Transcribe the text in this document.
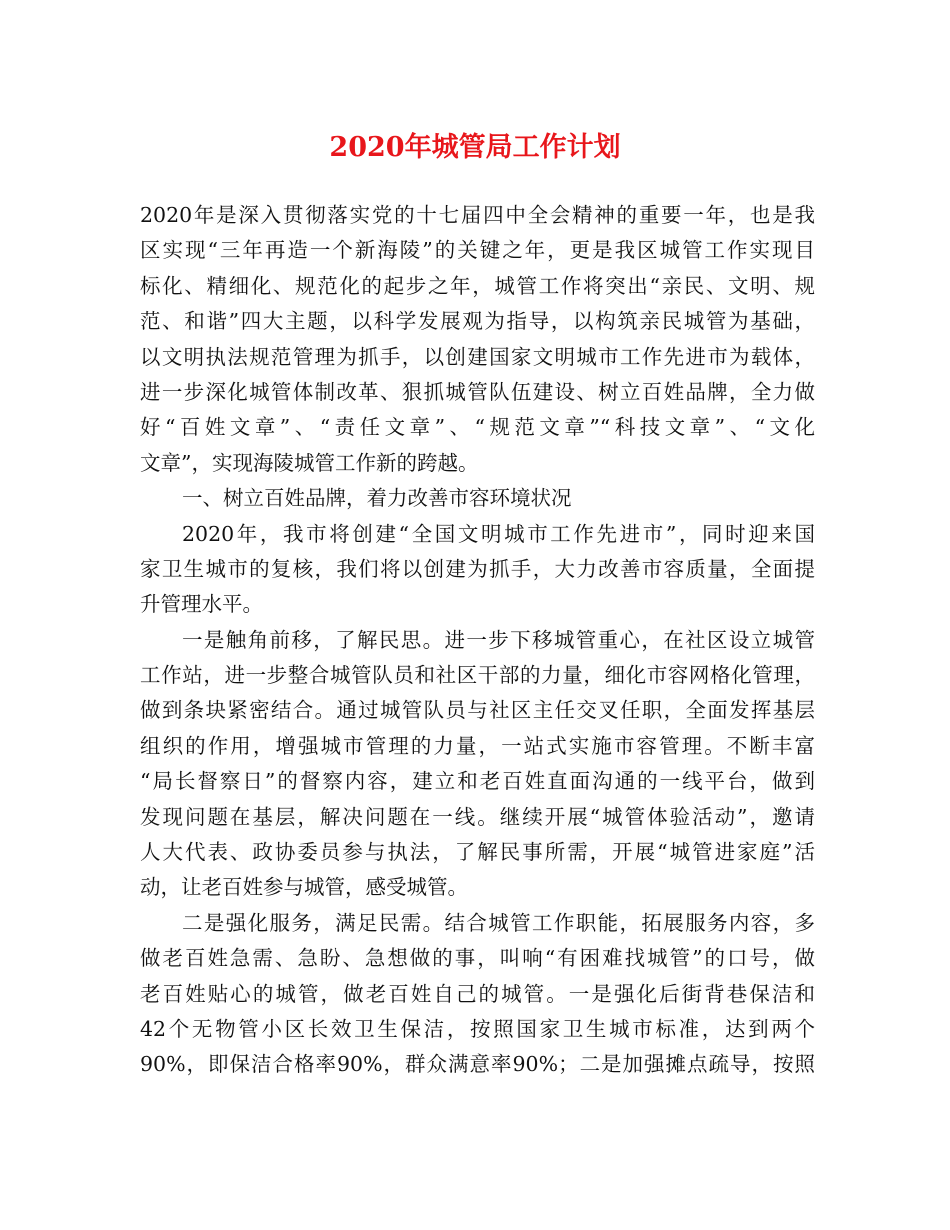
2020年城管局工作计划
2020年是深入贯彻落实党的十七届四中全会精神的重要一年，也是我
区实现“三年再造一个新海陵”的关键之年，更是我区城管工作实现目
标化、精细化、规范化的起步之年，城管工作将突出“亲民、文明、规
范、和谐”四大主题，以科学发展观为指导，以构筑亲民城管为基础，
以文明执法规范管理为抓手，以创建国家文明城市工作先进市为载体，
进一步深化城管体制改革、狠抓城管队伍建设、树立百姓品牌，全力做
好“百姓文章”、“责任文章”、“规范文章”“科技文章”、“文化
文章”，实现海陵城管工作新的跨越。
一、树立百姓品牌，着力改善市容环境状况
2020年，我市将创建“全国文明城市工作先进市”，同时迎来国
家卫生城市的复核，我们将以创建为抓手，大力改善市容质量，全面提
升管理水平。
一是触角前移，了解民思。进一步下移城管重心，在社区设立城管
工作站，进一步整合城管队员和社区干部的力量，细化市容网格化管理，
做到条块紧密结合。通过城管队员与社区主任交叉任职，全面发挥基层
组织的作用，增强城市管理的力量，一站式实施市容管理。不断丰富
“局长督察日”的督察内容，建立和老百姓直面沟通的一线平台，做到
发现问题在基层，解决问题在一线。继续开展“城管体验活动”，邀请
人大代表、政协委员参与执法，了解民事所需，开展“城管进家庭”活
动，让老百姓参与城管，感受城管。
二是强化服务，满足民需。结合城管工作职能，拓展服务内容，多
做老百姓急需、急盼、急想做的事，叫响“有困难找城管”的口号，做
老百姓贴心的城管，做老百姓自己的城管。一是强化后街背巷保洁和
42个无物管小区长效卫生保洁，按照国家卫生城市标准，达到两个
90%，即保洁合格率90%，群众满意率90%；二是加强摊点疏导，按照
